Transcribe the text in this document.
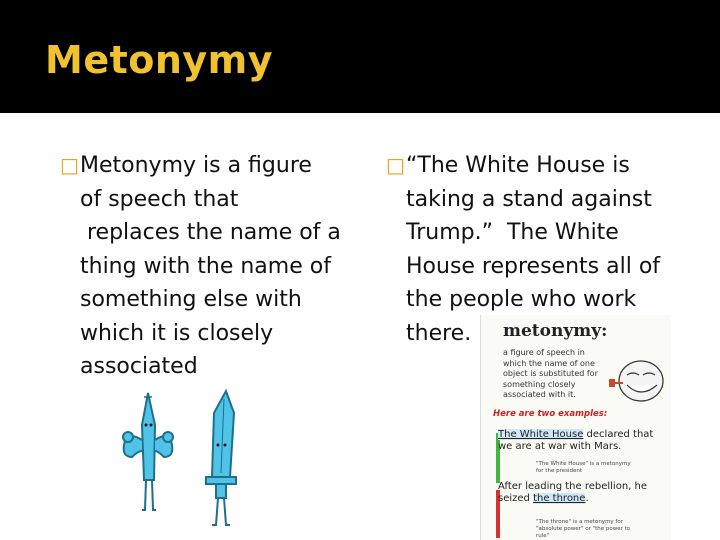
Metonymy
□ Metonymy is a figure
of speech that
replaces the name of a
thing with the name of
something else with
which it is closely
associated
□ “The White House is
taking a stand against
Trump.”  The White
House represents all of
the people who work
there.	metonymy:
a figure of speech in which the name of one object is substituted for something closely associated with it.
Here are two examples:
The White House declared that we are at war with Mars.
"The White House" is a metonymy for the president
After leading the rebellion, he seized the throne.
"The throne" is a metonymy for "absolute power" or "the power to rule"
